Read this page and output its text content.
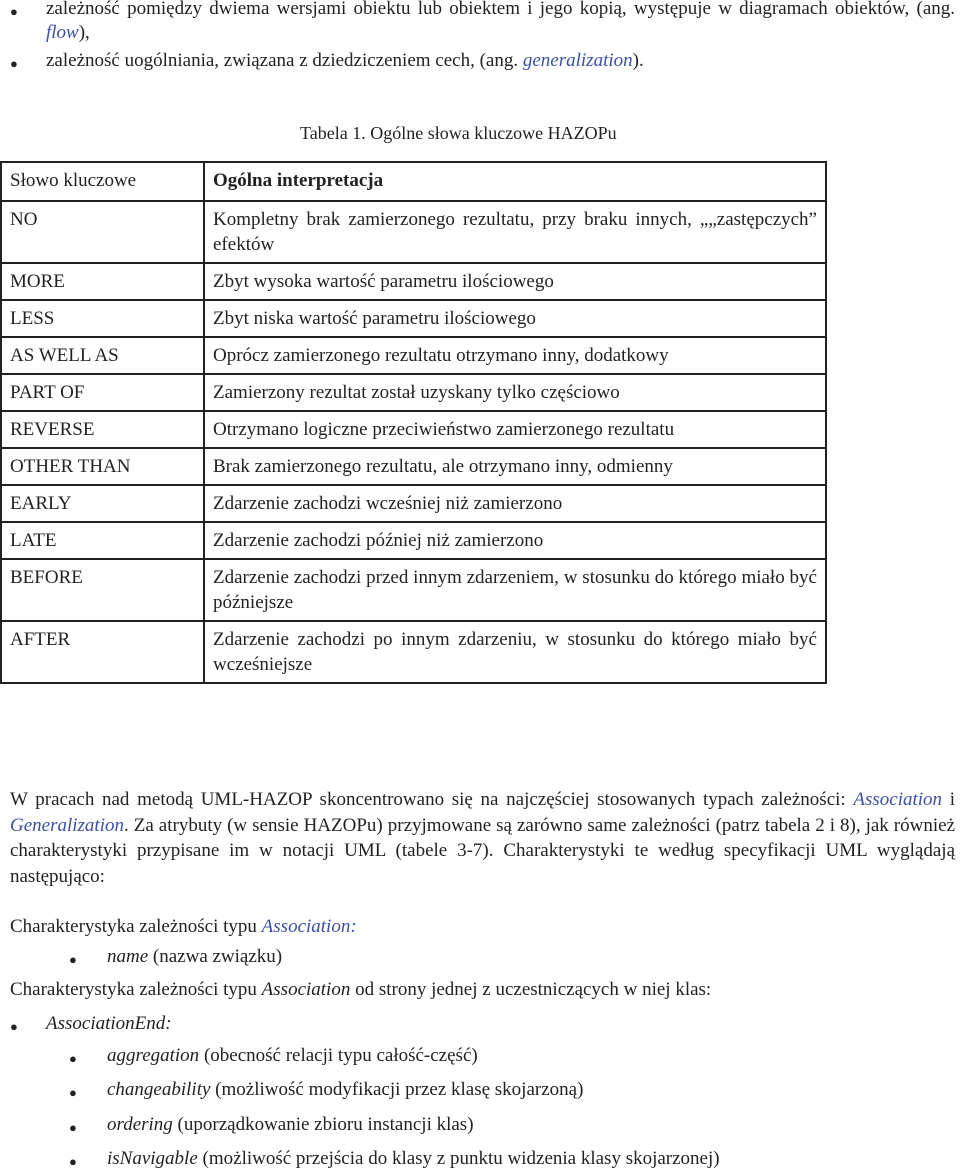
● zależność pomiędzy dwiema wersjami obiektu lub obiektem i jego kopią, występuje w diagramach obiektów, (ang. flow),
● zależność uogólniania, związana z dziedziczeniem cech, (ang. generalization).
Tabela 1. Ogólne słowa kluczowe HAZOPu
Słowo kluczowe	Ogólna interpretacja
NO	Kompletny brak zamierzonego rezultatu, przy braku innych, „„zastępczych” efektów
MORE	Zbyt wysoka wartość parametru ilościowego
LESS	Zbyt niska wartość parametru ilościowego
AS WELL AS	Oprócz zamierzonego rezultatu otrzymano inny, dodatkowy
PART OF	Zamierzony rezultat został uzyskany tylko częściowo
REVERSE	Otrzymano logiczne przeciwieństwo zamierzonego rezultatu
OTHER THAN	Brak zamierzonego rezultatu, ale otrzymano inny, odmienny
EARLY	Zdarzenie zachodzi wcześniej niż zamierzono
LATE	Zdarzenie zachodzi później niż zamierzono
BEFORE	Zdarzenie zachodzi przed innym zdarzeniem, w stosunku do którego miało być późniejsze
AFTER	Zdarzenie zachodzi po innym zdarzeniu, w stosunku do którego miało być wcześniejsze
W pracach nad metodą UML-HAZOP skoncentrowano się na najczęściej stosowanych typach zależności: Association i Generalization. Za atrybuty (w sensie HAZOPu) przyjmowane są zarówno same zależności (patrz tabela 2 i 8), jak również charakterystyki przypisane im w notacji UML (tabele 3-7). Charakterystyki te według specyfikacji UML wyglądają następująco:
Charakterystyka zależności typu Association:
● name (nazwa związku)
Charakterystyka zależności typu Association od strony jednej z uczestniczących w niej klas:
● AssociationEnd:
● aggregation (obecność relacji typu całość-część)
● changeability (możliwość modyfikacji przez klasę skojarzoną)
● ordering (uporządkowanie zbioru instancji klas)
● isNavigable (możliwość przejścia do klasy z punktu widzenia klasy skojarzonej)
